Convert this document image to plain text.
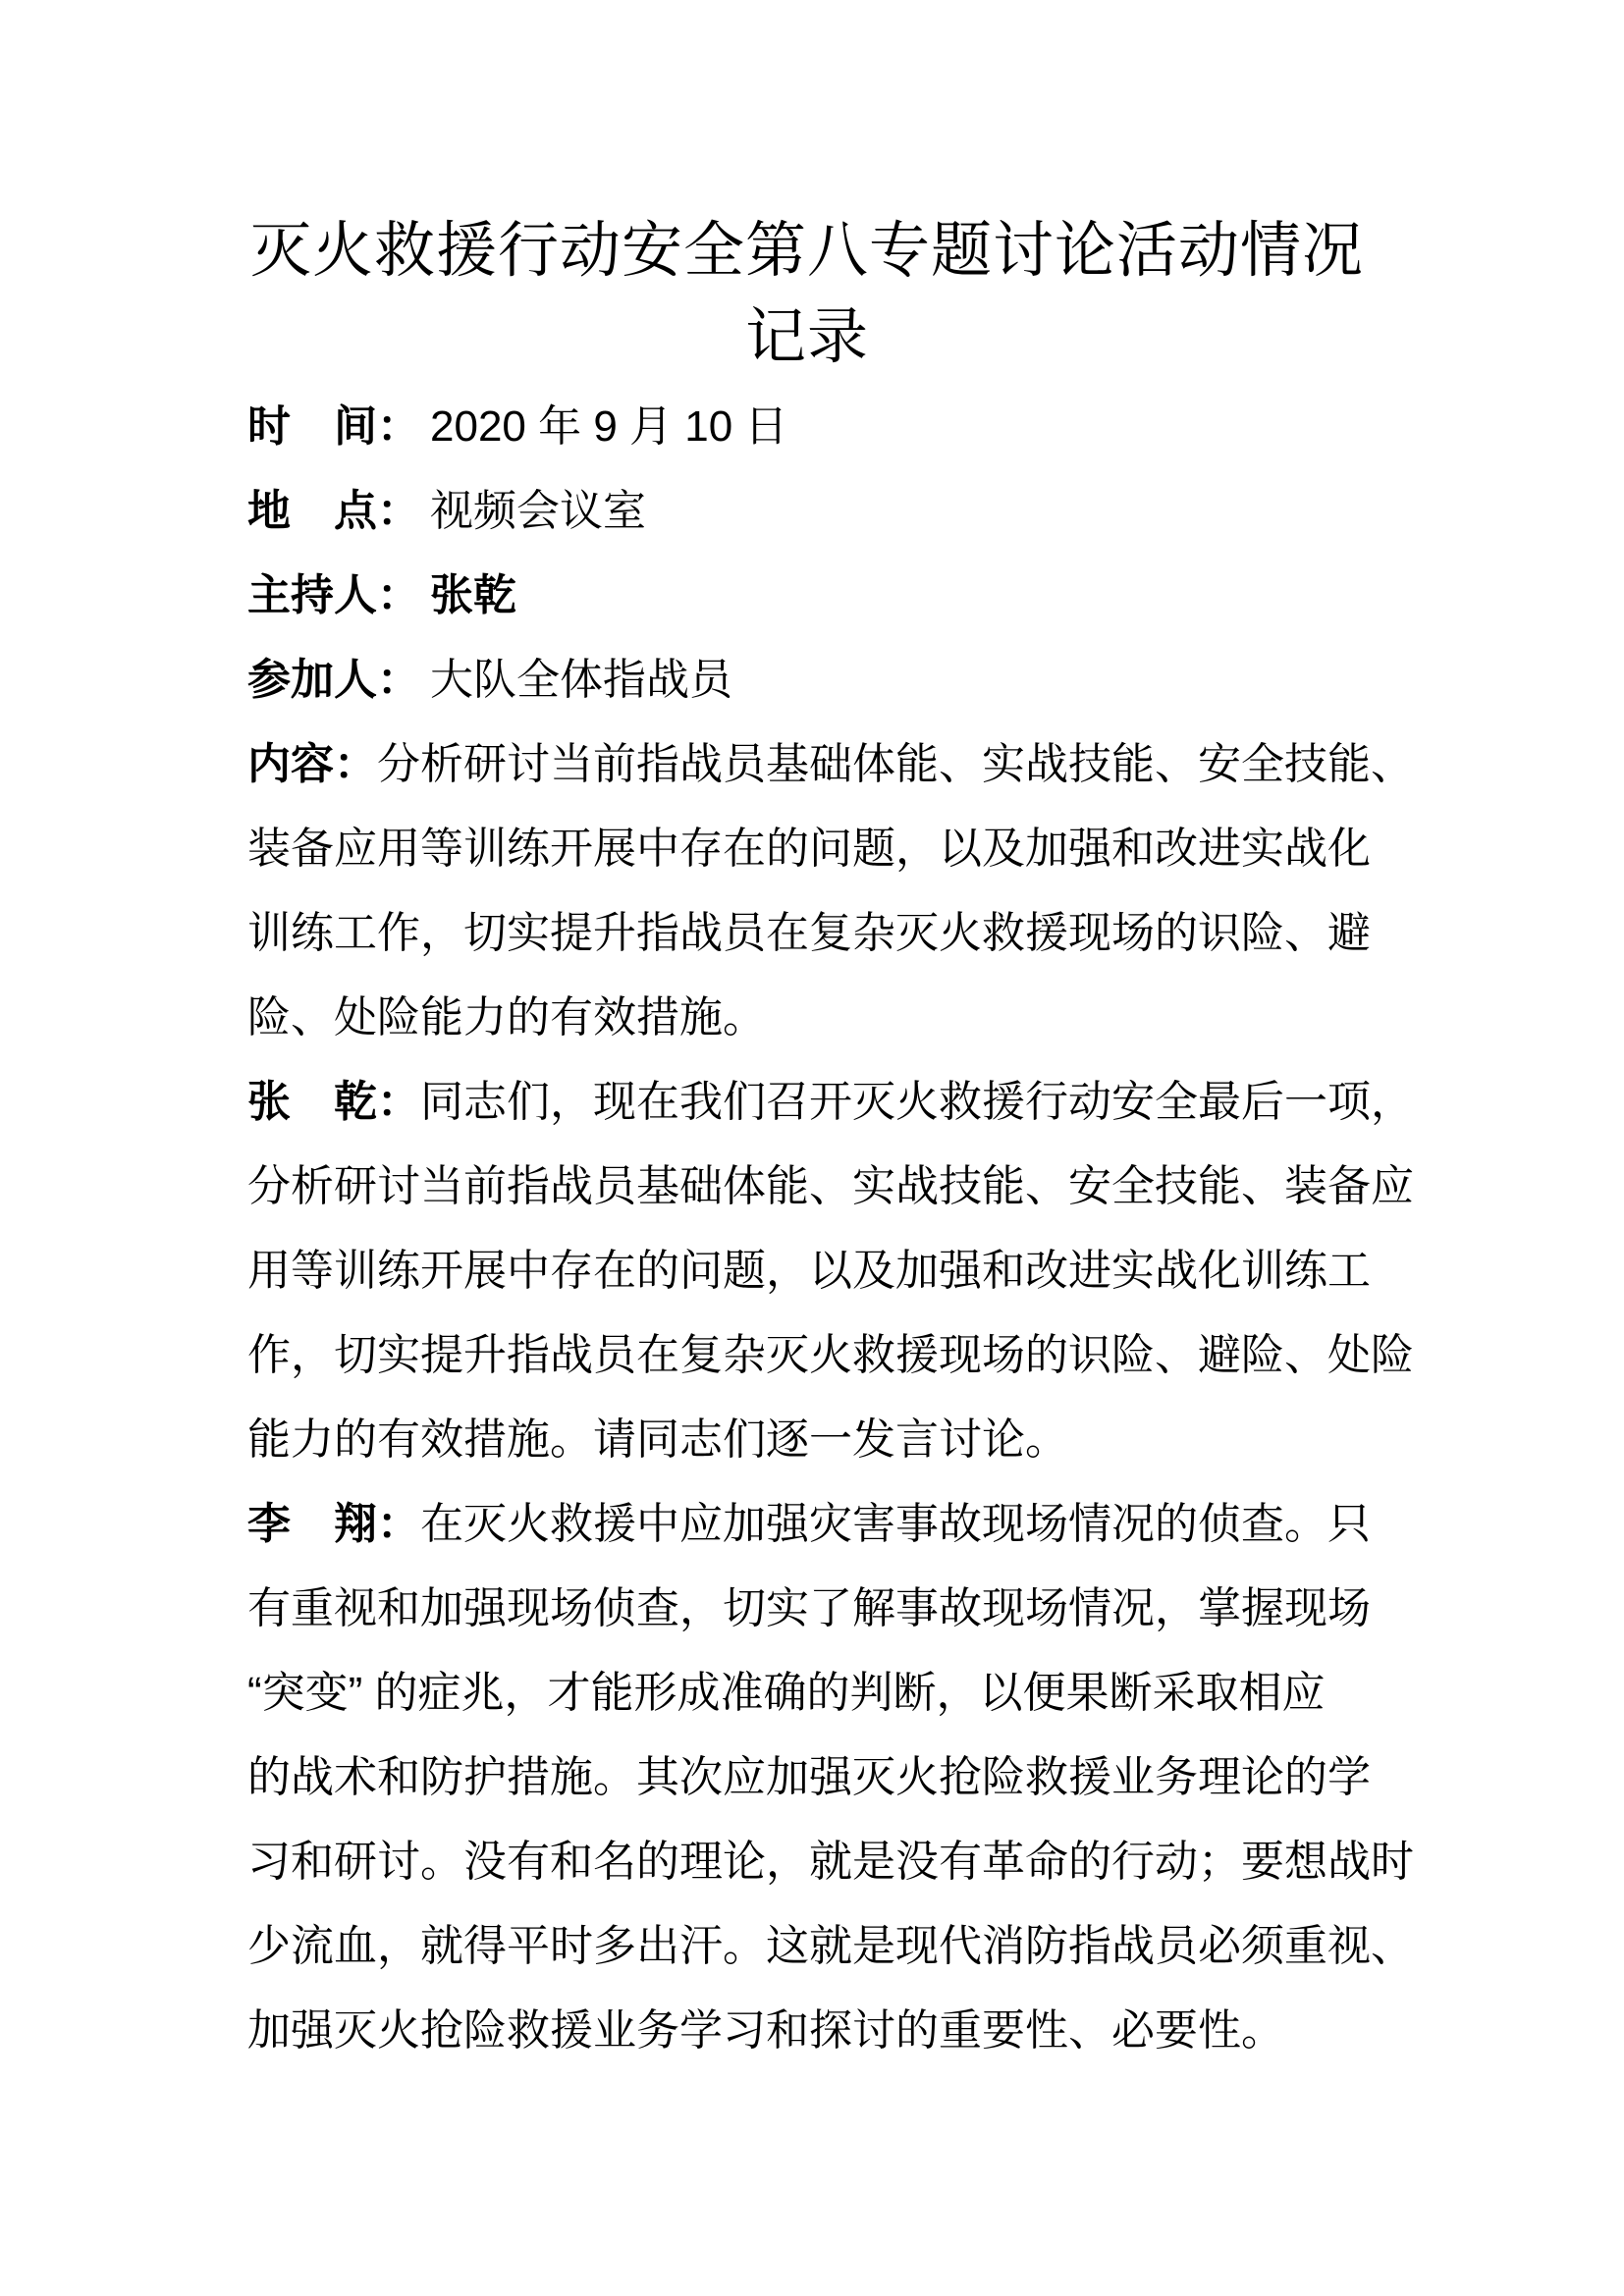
灭火救援行动安全第八专题讨论活动情况
记录
时　间： 2020 年 9 月 10 日
地　点： 视频会议室
主持人： 张乾
参加人： 大队全体指战员
内容：分析研讨当前指战员基础体能、实战技能、安全技能、
装备应用等训练开展中存在的问题，以及加强和改进实战化
训练工作，切实提升指战员在复杂灭火救援现场的识险、避
险、处险能力的有效措施。
张　乾：同志们，现在我们召开灭火救援行动安全最后一项，
分析研讨当前指战员基础体能、实战技能、安全技能、装备应
用等训练开展中存在的问题，以及加强和改进实战化训练工
作，切实提升指战员在复杂灭火救援现场的识险、避险、处险
能力的有效措施。请同志们逐一发言讨论。
李　翔：在灭火救援中应加强灾害事故现场情况的侦查。只
有重视和加强现场侦查，切实了解事故现场情况，掌握现场
“突变” 的症兆，才能形成准确的判断，以便果断采取相应
的战术和防护措施。其次应加强灭火抢险救援业务理论的学
习和研讨。没有和名的理论，就是没有革命的行动；要想战时
少流血，就得平时多出汗。这就是现代消防指战员必须重视、
加强灭火抢险救援业务学习和探讨的重要性、必要性。
